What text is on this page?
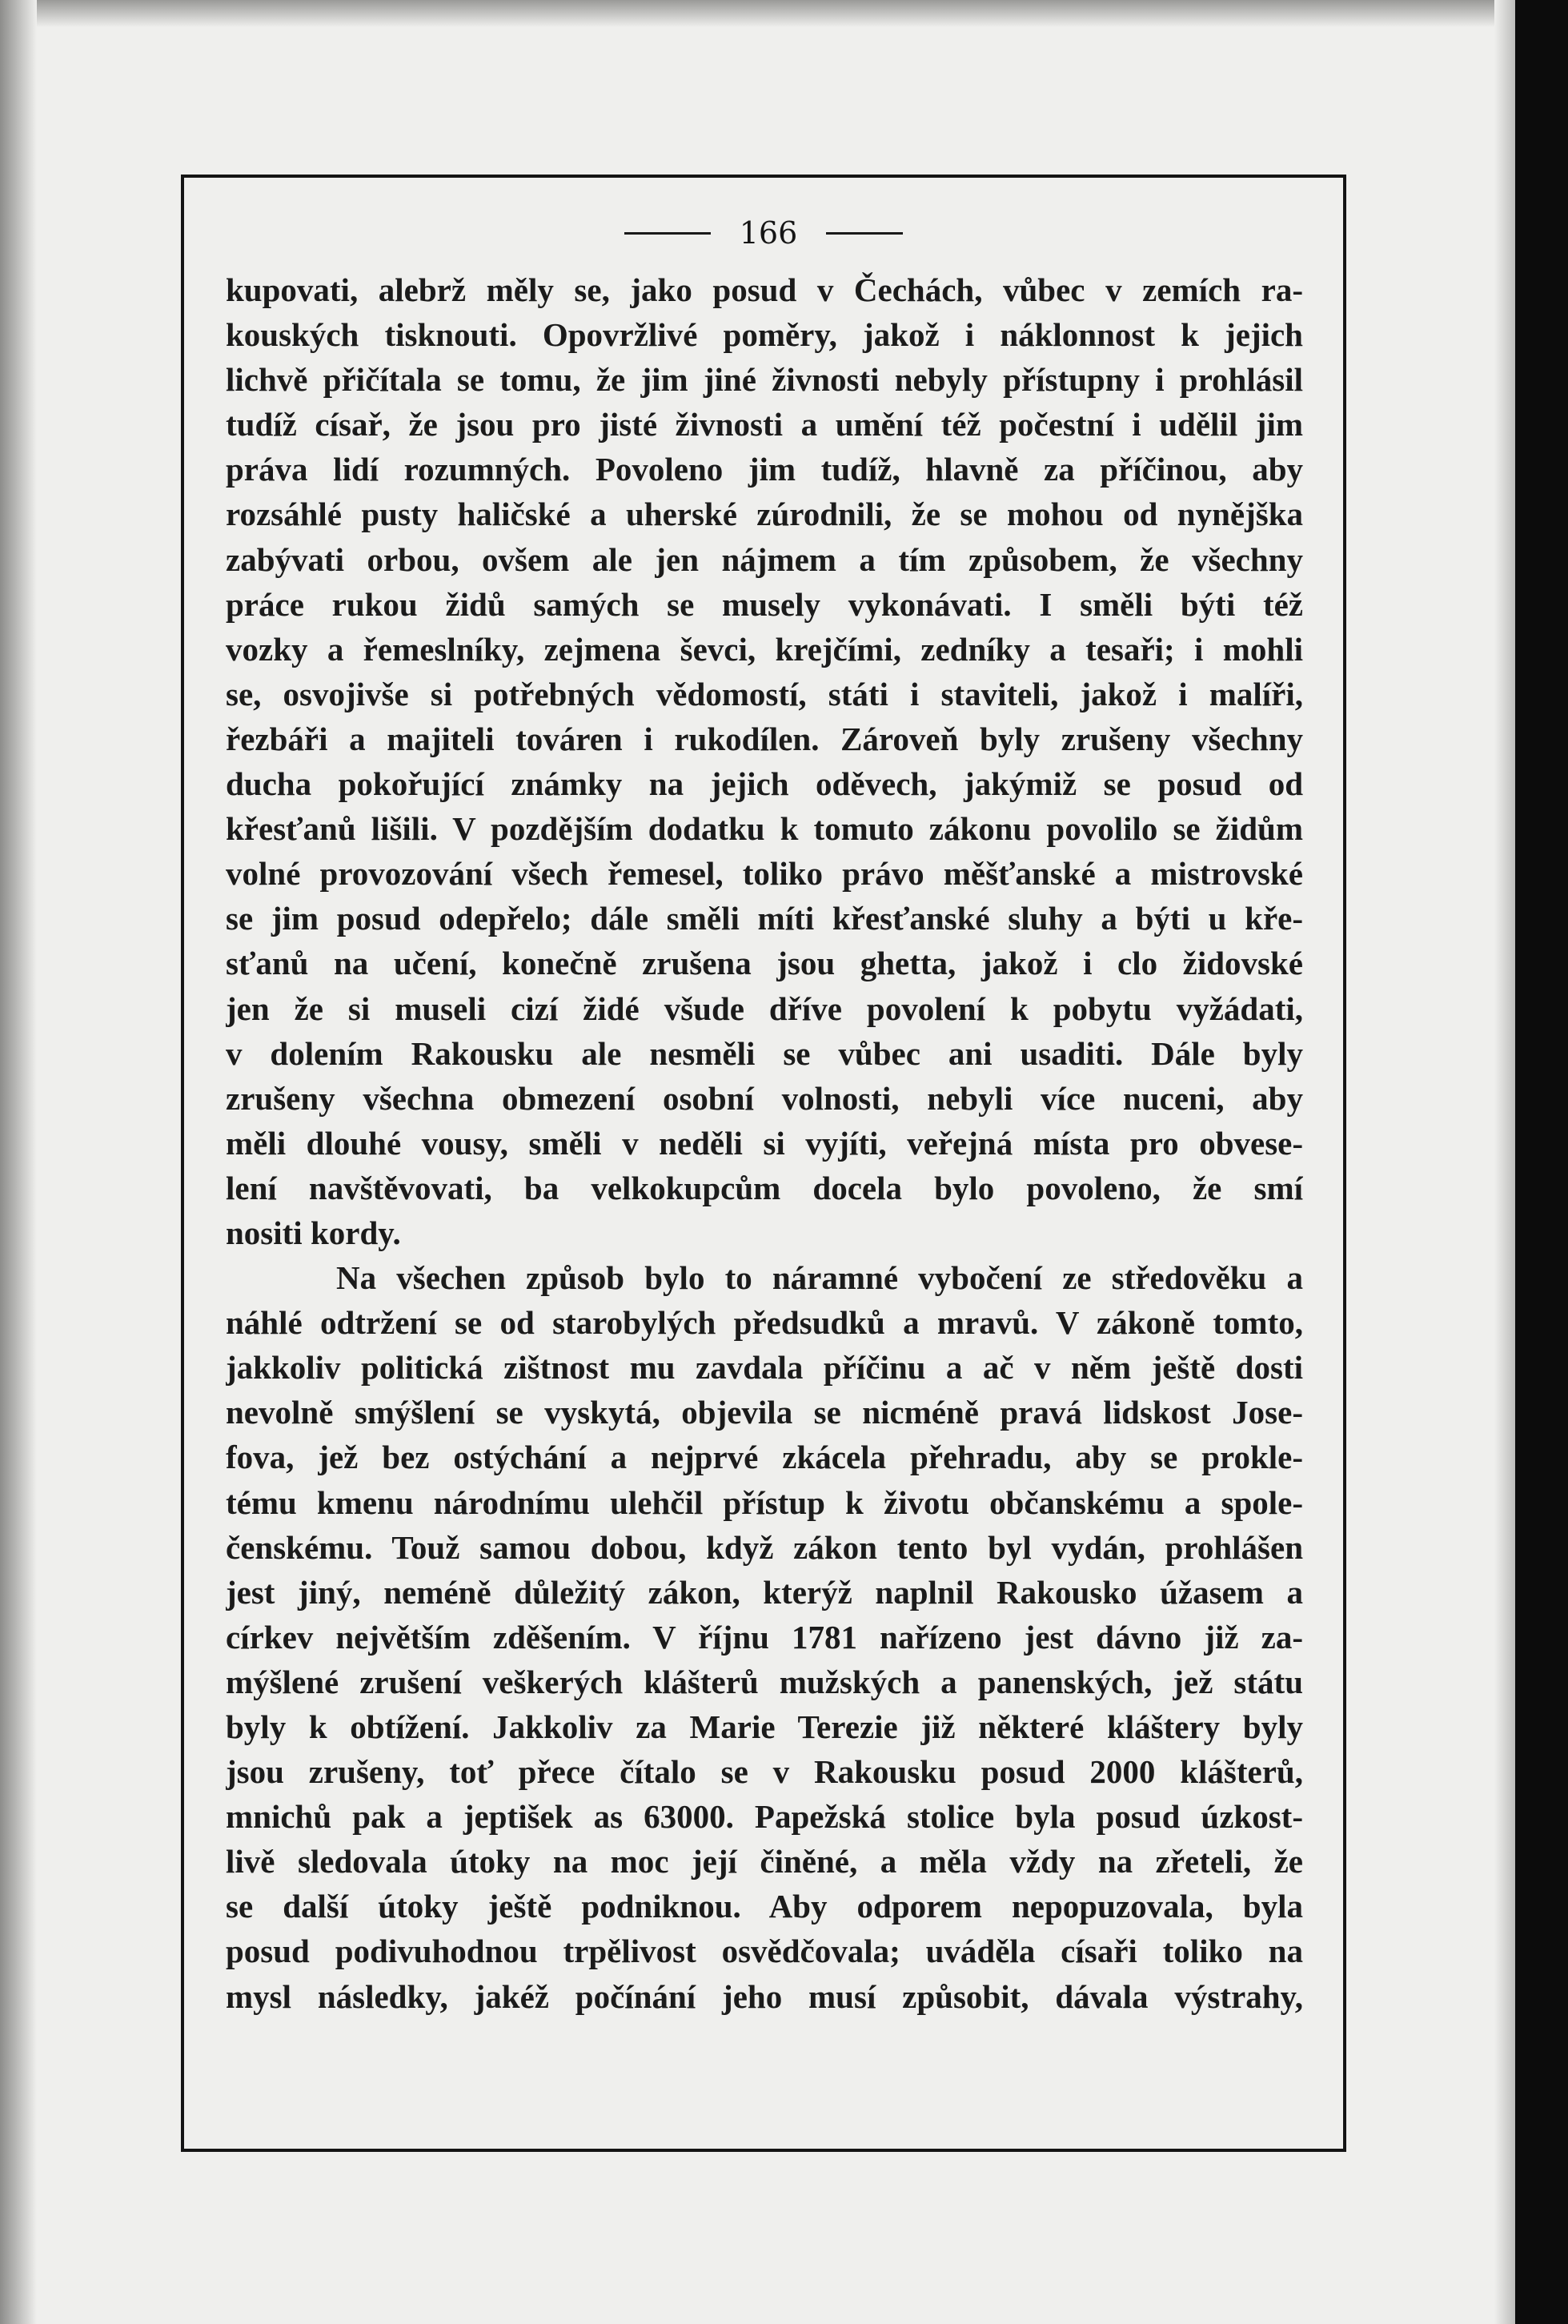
166
kupovati, alebrž měly se, jako posud v Čechách, vůbec v zemích ra-
kouských tisknouti. Opovržlivé poměry, jakož i náklonnost k jejich
lichvě přičítala se tomu, že jim jiné živnosti nebyly přístupny i prohlásil
tudíž císař, že jsou pro jisté živnosti a umění též počestní i udělil jim
práva lidí rozumných. Povoleno jim tudíž, hlavně za příčinou, aby
rozsáhlé pusty haličské a uherské zúrodnili, že se mohou od nynějška
zabývati orbou, ovšem ale jen nájmem a tím způsobem, že všechny
práce rukou židů samých se musely vykonávati. I směli býti též
vozky a řemeslníky, zejmena ševci, krejčími, zedníky a tesaři; i mohli
se, osvojivše si potřebných vědomostí, státi i staviteli, jakož i malíři,
řezbáři a majiteli továren i rukodílen. Zároveň byly zrušeny všechny
ducha pokořující známky na jejich oděvech, jakýmiž se posud od
křesťanů lišili. V pozdějším dodatku k tomuto zákonu povolilo se židům
volné provozování všech řemesel, toliko právo měšťanské a mistrovské
se jim posud odepřelo; dále směli míti křesťanské sluhy a býti u kře-
sťanů na učení, konečně zrušena jsou ghetta, jakož i clo židovské
jen že si museli cizí židé všude dříve povolení k pobytu vyžádati,
v dolením Rakousku ale nesměli se vůbec ani usaditi. Dále byly
zrušeny všechna obmezení osobní volnosti, nebyli více nuceni, aby
měli dlouhé vousy, směli v neděli si vyjíti, veřejná místa pro obvese-
lení navštěvovati, ba velkokupcům docela bylo povoleno, že smí
nositi kordy.
Na všechen způsob bylo to náramné vybočení ze středověku a
náhlé odtržení se od starobylých předsudků a mravů. V zákoně tomto,
jakkoliv politická zištnost mu zavdala příčinu a ač v něm ještě dosti
nevolně smýšlení se vyskytá, objevila se nicméně pravá lidskost Jose-
fova, jež bez ostýchání a nejprvé zkácela přehradu, aby se prokle-
tému kmenu národnímu ulehčil přístup k životu občanskému a spole-
čenskému. Touž samou dobou, když zákon tento byl vydán, prohlášen
jest jiný, neméně důležitý zákon, kterýž naplnil Rakousko úžasem a
církev největším zděšením. V říjnu 1781 nařízeno jest dávno již za-
mýšlené zrušení veškerých klášterů mužských a panenských, jež státu
byly k obtížení. Jakkoliv za Marie Terezie již některé kláštery byly
jsou zrušeny, toť přece čítalo se v Rakousku posud 2000 klášterů,
mnichů pak a jeptišek as 63000. Papežská stolice byla posud úzkost-
livě sledovala útoky na moc její činěné, a měla vždy na zřeteli, že
se další útoky ještě podniknou. Aby odporem nepopuzovala, byla
posud podivuhodnou trpělivost osvědčovala; uváděla císaři toliko na
mysl následky, jakéž počínání jeho musí způsobit, dávala výstrahy,
